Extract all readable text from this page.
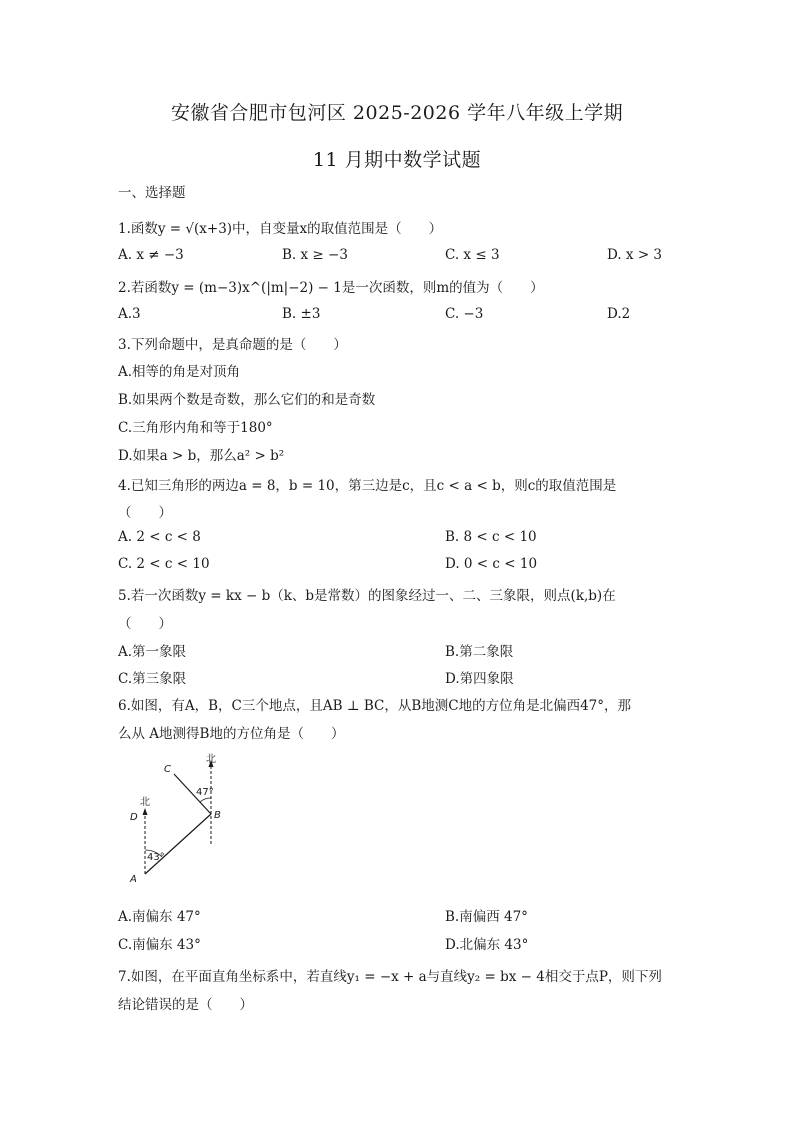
安徽省合肥市包河区 2025-2026 学年八年级上学期
11 月期中数学试题
一、选择题
1.函数y = √(x+3)中，自变量x的取值范围是（　　）
A. x ≠ −3	B. x ≥ −3	C. x ≤ 3	D. x > 3
2.若函数y = (m−3)x^(|m|−2) − 1是一次函数，则m的值为（　　）
A.3	B. ±3	C. −3	D.2
3.下列命题中，是真命题的是（　　）
A.相等的角是对顶角
B.如果两个数是奇数，那么它们的和是奇数
C.三角形内角和等于180°
D.如果a > b，那么a² > b²
4.已知三角形的两边a = 8，b = 10，第三边是c，且c < a < b，则c的取值范围是
（　　）
A. 2 < c < 8	B. 8 < c < 10
C. 2 < c < 10	D. 0 < c < 10
5.若一次函数y = kx − b（k、b是常数）的图象经过一、二、三象限，则点(k,b)在
（　　）
A.第一象限	B.第二象限
C.第三象限	D.第四象限
6.如图，有A，B，C三个地点，且AB ⊥ BC，从B地测C地的方位角是北偏西47°，那
么从 A地测得B地的方位角是（　　）
北
北
D
A
B
C
47°
43°
A.南偏东 47°	B.南偏西 47°
C.南偏东 43°	D.北偏东 43°
7.如图，在平面直角坐标系中，若直线y₁ = −x + a与直线y₂ = bx − 4相交于点P，则下列
结论错误的是（　　）
